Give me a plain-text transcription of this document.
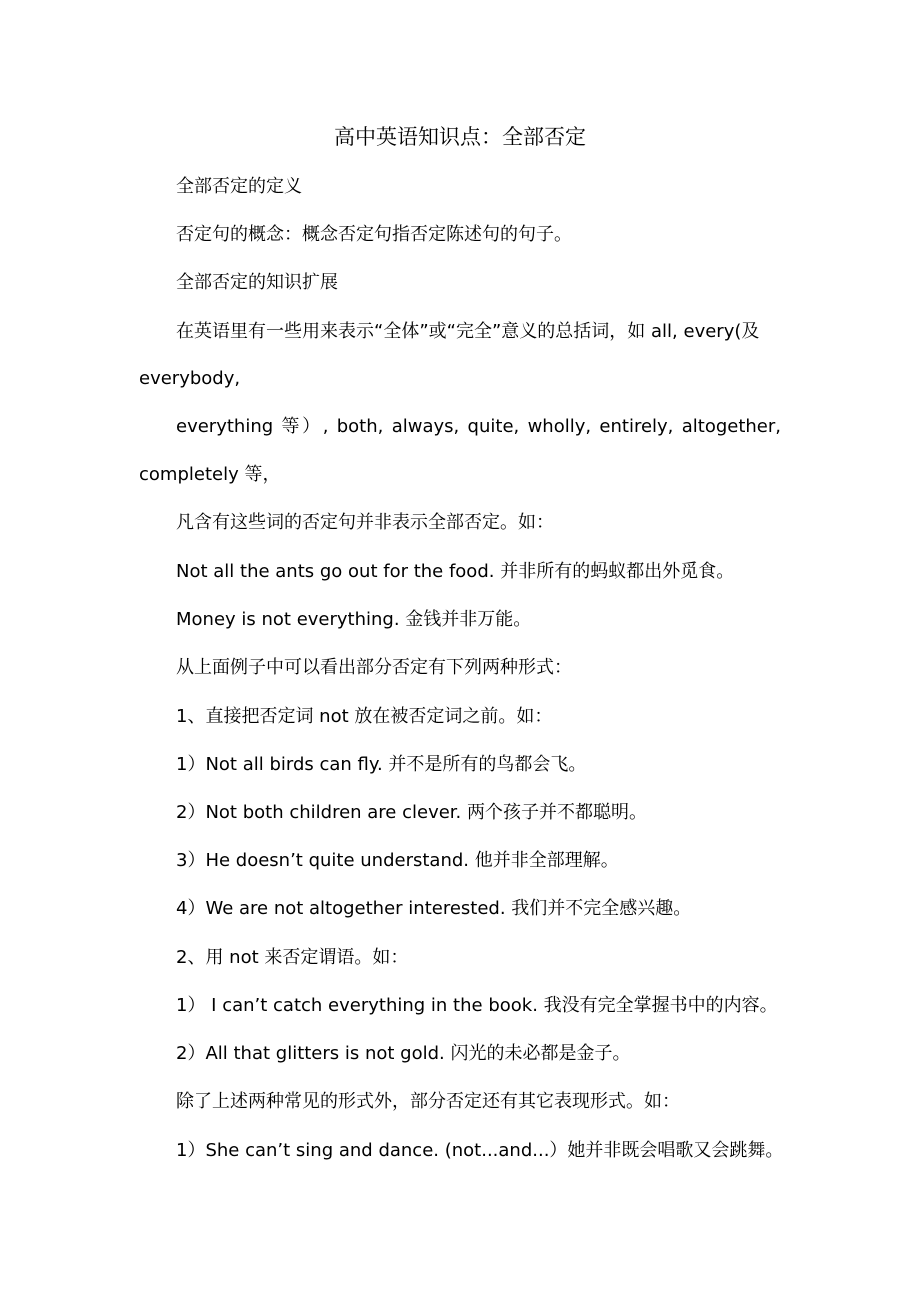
高中英语知识点：全部否定
全部否定的定义
否定句的概念：概念否定句指否定陈述句的句子。
全部否定的知识扩展
在英语里有一些用来表示“全体”或“完全”意义的总括词，如 all, every(及
everybody,
everything 等）, both, always, quite, wholly, entirely, altogether,
completely 等，
凡含有这些词的否定句并非表示全部否定。如：
Not all the ants go out for the food. 并非所有的蚂蚁都出外觅食。
Money is not everything. 金钱并非万能。
从上面例子中可以看出部分否定有下列两种形式：
1、直接把否定词 not 放在被否定词之前。如：
1）Not all birds can fly. 并不是所有的鸟都会飞。
2）Not both children are clever. 两个孩子并不都聪明。
3）He doesn’t quite understand. 他并非全部理解。
4）We are not altogether interested. 我们并不完全感兴趣。
2、用 not 来否定谓语。如：
1） I can’t catch everything in the book. 我没有完全掌握书中的内容。
2）All that glitters is not gold. 闪光的未必都是金子。
除了上述两种常见的形式外，部分否定还有其它表现形式。如：
1）She can’t sing and dance. (not...and...）她并非既会唱歌又会跳舞。
